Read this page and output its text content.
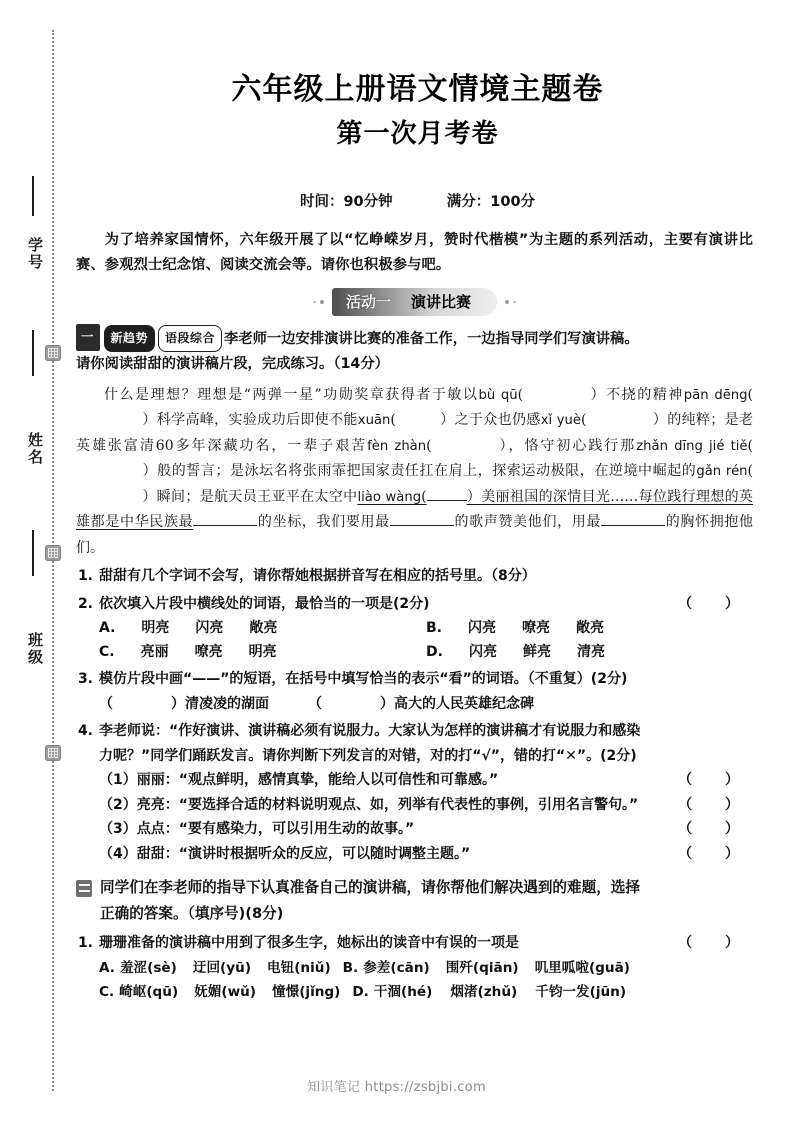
学号
姓名
班级
六年级上册语文情境主题卷
第一次月考卷
时间：90分钟	满分：100分
为了培养家国情怀，六年级开展了以“忆峥嵘岁月，赞时代楷模”为主题的系列活动，主要有演讲比赛、参观烈士纪念馆、阅读交流会等。请你也积极参与吧。
活动一 演讲比赛
一 新趋势 语段综合 李老师一边安排演讲比赛的准备工作，一边指导同学们写演讲稿。
请你阅读甜甜的演讲稿片段，完成练习。（14分）
什么是理想？理想是“两弹一星”功勋奖章获得者于敏以bù qū(	）不挠的精神pān dēng(）科学高峰，实验成功后即使不能xuān(	）之于众也仍感xǐ yuè(	）的纯粹；是老英雄张富清60多年深藏功名，一辈子艰苦fèn zhàn(	），恪守初心践行那zhǎn dīng jié tiě(）般的誓言；是泳坛名将张雨霏把国家责任扛在肩上，探索运动极限，在逆境中崛起的gǎn rén(）瞬间；是航天员王亚平在太空中liào wàng(	）美丽祖国的深情目光……每位践行理想的英雄都是中华民族最	的坐标，我们要用最	的歌声赞美他们，用最	的胸怀拥抱他们。
1. 甜甜有几个字词不会写，请你帮她根据拼音写在相应的括号里。（8分）
2.	（ ）
依次填入片段中横线处的词语，最恰当的一项是(2分)
A. 明亮 闪亮 敞亮	B. 闪亮 嘹亮 敞亮
C. 亮丽 嘹亮 明亮	D. 闪亮 鲜亮 清亮
3. 模仿片段中画“——”的短语，在括号中填写恰当的表示“看”的词语。（不重复）(2分)
（	）清凌凌的湖面        （	）高大的人民英雄纪念碑
4. 李老师说：“作好演讲、演讲稿必须有说服力。大家认为怎样的演讲稿才有说服力和感染
力呢？”同学们踊跃发言。请你判断下列发言的对错，对的打“√”，错的打“✕”。(2分)
（ ）
（1）丽丽：“观点鲜明，感情真挚，能给人以可信性和可靠感。”
（ ）
（2）亮亮：“要选择合适的材料说明观点、如，列举有代表性的事例，引用名言警句。”
（ ）
（3）点点：“要有感染力，可以引用生动的故事。”
（ ）
（4）甜甜：“演讲时根据听众的反应，可以随时调整主题。”
同学们在李老师的指导下认真准备自己的演讲稿，请你帮他们解决遇到的难题，选择
正确的答案。（填序号)(8分)
1.	（ ）
珊珊准备的演讲稿中用到了很多生字，她标出的读音中有误的一项是
A. 羞涩(sè) 迂回(yū) 电钮(niǔ) B. 参差(cān) 围歼(qiān) 叽里呱啦(guā)
C. 崎岖(qū) 妩媚(wǔ) 憧憬(jǐng) D. 干涸(hé) 烟渚(zhǔ) 千钧一发(jūn)
知识笔记 https://zsbjbi.com
